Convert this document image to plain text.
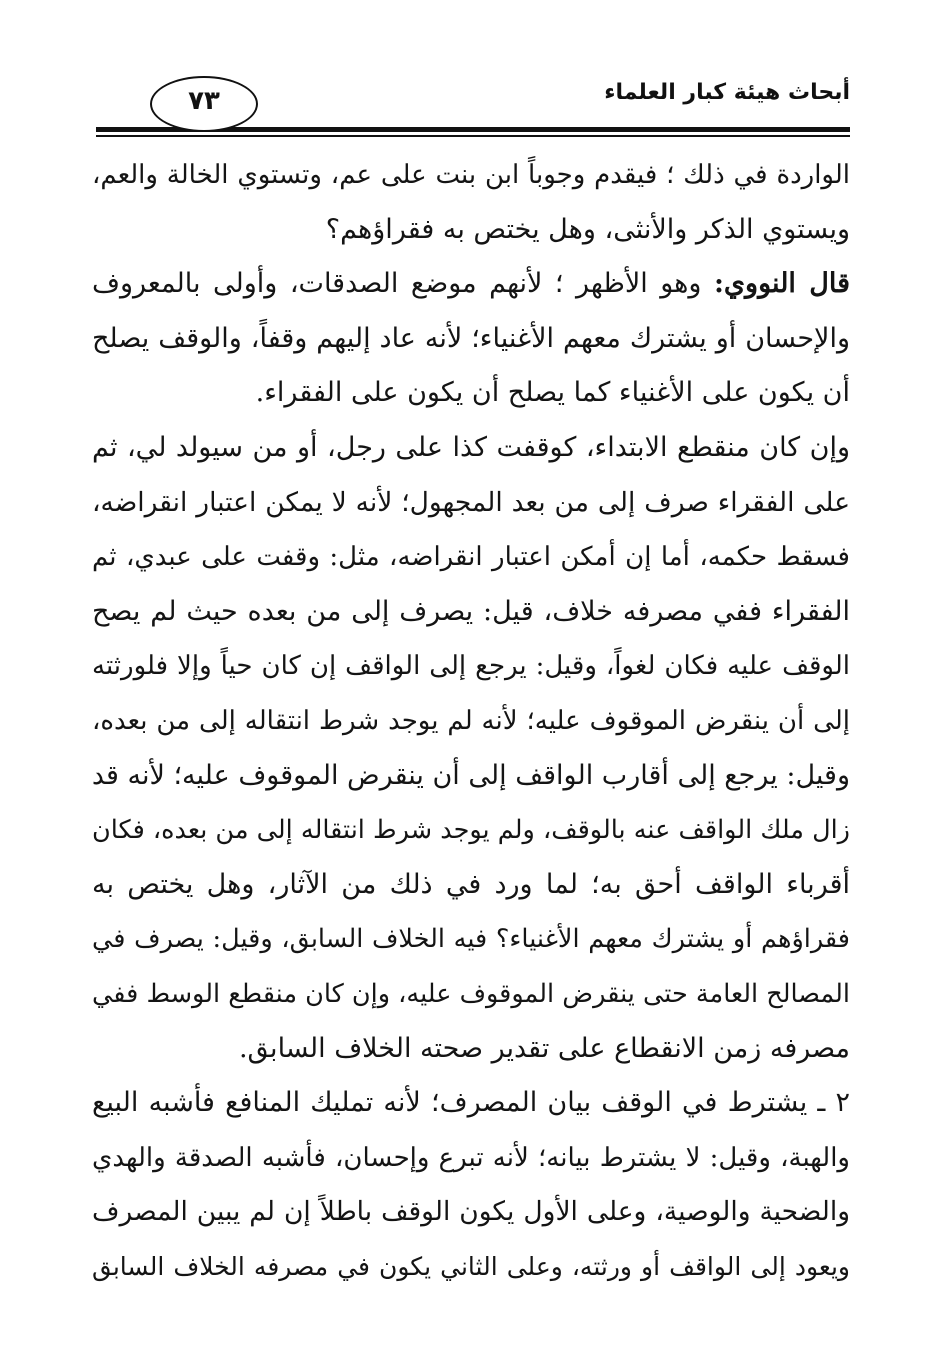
أبحاث هيئة كبار العلماء
٧٣
الواردة في ذلك ؛ فيقدم وجوباً ابن بنت على عم، وتستوي الخالة والعم،
ويستوي الذكر والأنثى، وهل يختص به فقراؤهم؟
قال النووي: وهو الأظهر ؛ لأنهم موضع الصدقات، وأولى بالمعروف
والإحسان أو يشترك معهم الأغنياء؛ لأنه عاد إليهم وقفاً، والوقف يصلح
أن يكون على الأغنياء كما يصلح أن يكون على الفقراء.
وإن كان منقطع الابتداء، كوقفت كذا على رجل، أو من سيولد لي، ثم
على الفقراء صرف إلى من بعد المجهول؛ لأنه لا يمكن اعتبار انقراضه،
فسقط حكمه، أما إن أمكن اعتبار انقراضه، مثل: وقفت على عبدي، ثم
الفقراء ففي مصرفه خلاف، قيل: يصرف إلى من بعده حيث لم يصح
الوقف عليه فكان لغواً، وقيل: يرجع إلى الواقف إن كان حياً وإلا فلورثته
إلى أن ينقرض الموقوف عليه؛ لأنه لم يوجد شرط انتقاله إلى من بعده،
وقيل: يرجع إلى أقارب الواقف إلى أن ينقرض الموقوف عليه؛ لأنه قد
زال ملك الواقف عنه بالوقف، ولم يوجد شرط انتقاله إلى من بعده، فكان
أقرباء الواقف أحق به؛ لما ورد في ذلك من الآثار، وهل يختص به
فقراؤهم أو يشترك معهم الأغنياء؟ فيه الخلاف السابق، وقيل: يصرف في
المصالح العامة حتى ينقرض الموقوف عليه، وإن كان منقطع الوسط ففي
مصرفه زمن الانقطاع على تقدير صحته الخلاف السابق.
٢ ـ يشترط في الوقف بيان المصرف؛ لأنه تمليك المنافع فأشبه البيع
والهبة، وقيل: لا يشترط بيانه؛ لأنه تبرع وإحسان، فأشبه الصدقة والهدي
والضحية والوصية، وعلى الأول يكون الوقف باطلاً إن لم يبين المصرف
ويعود إلى الواقف أو ورثته، وعلى الثاني يكون في مصرفه الخلاف السابق
